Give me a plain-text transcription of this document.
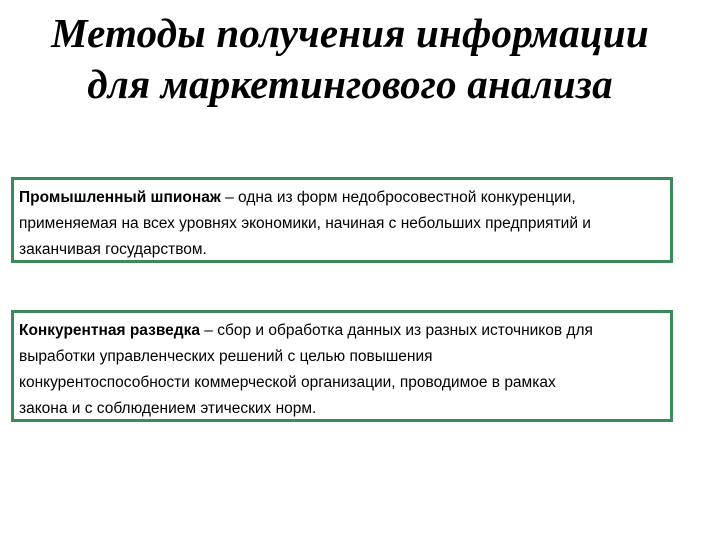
Методы получения информации
для маркетингового анализа
Промышленный шпионаж – одна из форм недобросовестной конкуренции,
применяемая на всех уровнях экономики, начиная с небольших предприятий и
заканчивая государством.
Конкурентная разведка – сбор и обработка данных из разных источников для
выработки управленческих решений с целью повышения
конкурентоспособности коммерческой организации, проводимое в рамках
закона и с соблюдением этических норм.
